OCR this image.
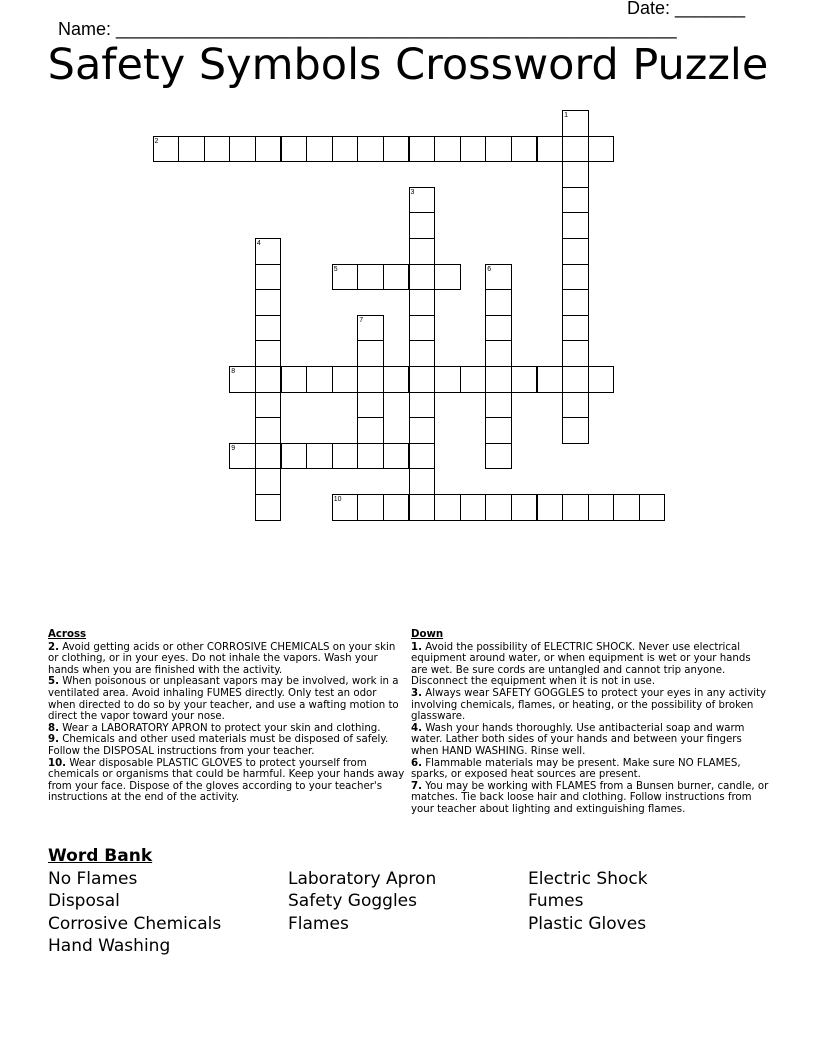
Name: ________________________________________________________

Date: _______

Safety Symbols Crossword Puzzle
2
1
3
4
5	6
7
8
9
10
Across
2. Avoid getting acids or other CORROSIVE CHEMICALS on your skin or clothing, or in your eyes. Do not inhale the vapors. Wash your hands when you are finished with the activity.
5. When poisonous or unpleasant vapors may be involved, work in a ventilated area. Avoid inhaling FUMES directly. Only test an odor when directed to do so by your teacher, and use a wafting motion to direct the vapor toward your nose.
8. Wear a LABORATORY APRON to protect your skin and clothing.
9. Chemicals and other used materials must be disposed of safely. Follow the DISPOSAL instructions from your teacher.
10. Wear disposable PLASTIC GLOVES to protect yourself from chemicals or organisms that could be harmful. Keep your hands away from your face. Dispose of the gloves according to your teacher's instructions at the end of the activity.
Down
1. Avoid the possibility of ELECTRIC SHOCK. Never use electrical equipment around water, or when equipment is wet or your hands are wet. Be sure cords are untangled and cannot trip anyone. Disconnect the equipment when it is not in use.
3. Always wear SAFETY GOGGLES to protect your eyes in any activity involving chemicals, flames, or heating, or the possibility of broken glassware.
4. Wash your hands thoroughly. Use antibacterial soap and warm water. Lather both sides of your hands and between your fingers when HAND WASHING. Rinse well.
6. Flammable materials may be present. Make sure NO FLAMES, sparks, or exposed heat sources are present.
7. You may be working with FLAMES from a Bunsen burner, candle, or matches. Tie back loose hair and clothing. Follow instructions from your teacher about lighting and extinguishing flames.
Word Bank
No Flames
Disposal
Corrosive Chemicals
Hand Washing
Laboratory Apron
Safety Goggles
Flames
Electric Shock
Fumes
Plastic Gloves
